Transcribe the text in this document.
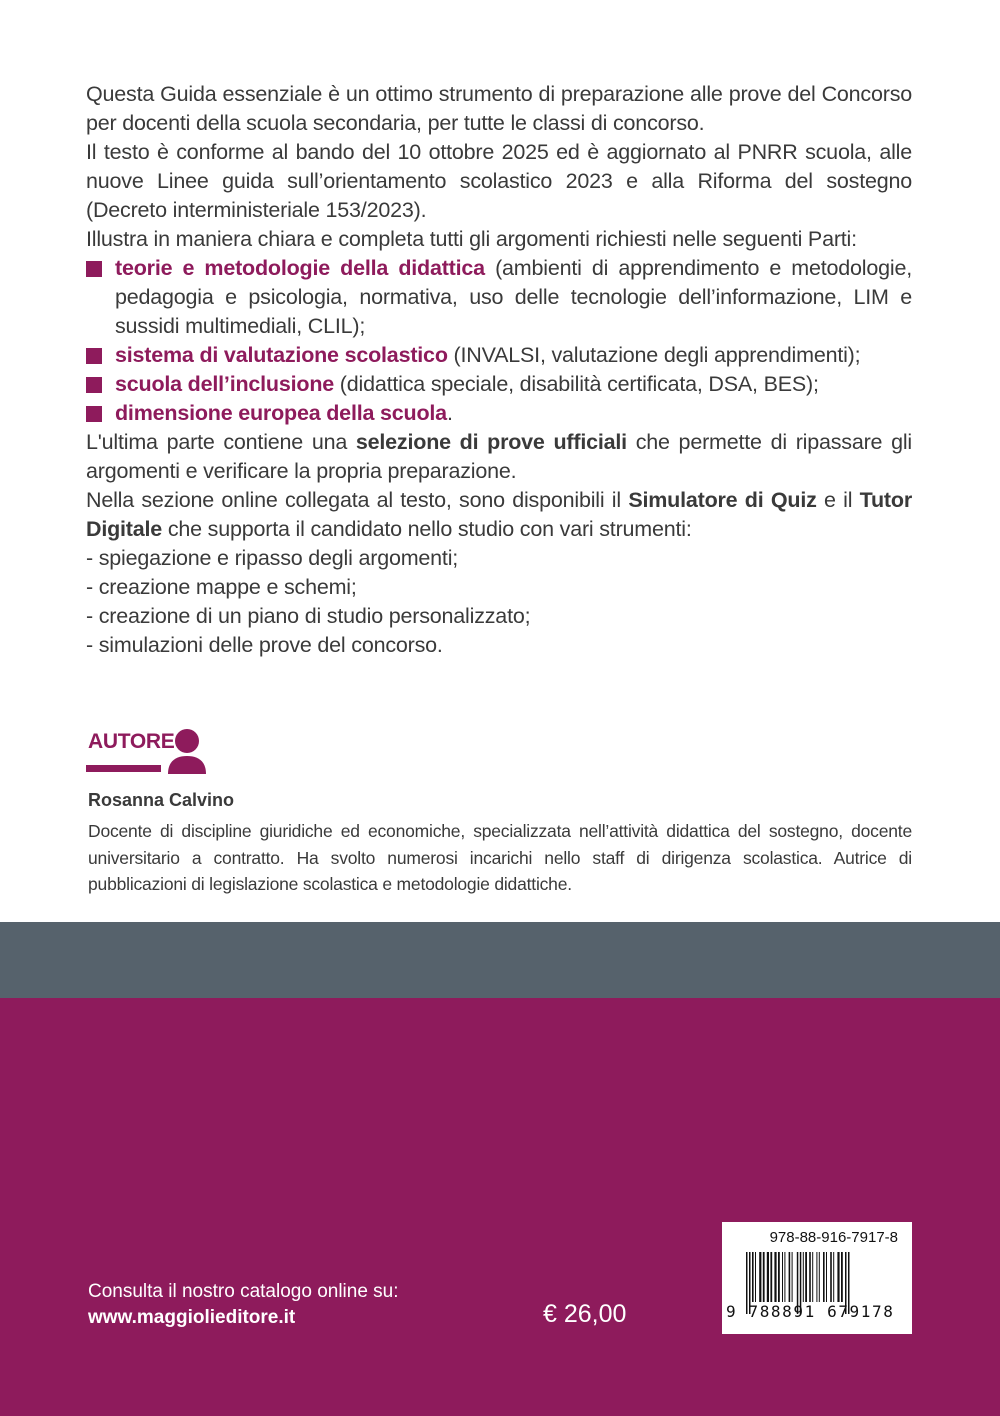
Questa Guida essenziale è un ottimo strumento di preparazione alle prove del Concorso per docenti della scuola secondaria, per tutte le classi di concorso.

Il testo è conforme al bando del 10 ottobre 2025 ed è aggiornato al PNRR scuola, alle nuove Linee guida sull’orientamento scolastico 2023 e alla Riforma del sostegno (Decreto interministeriale 153/2023).

Illustra in maniera chiara e completa tutti gli argomenti richiesti nelle seguenti Parti:

teorie e metodologie della didattica (ambienti di apprendimento e metodologie, pedagogia e psicologia, normativa, uso delle tecnologie dell’informazione, LIM e sussidi multimediali, CLIL);
sistema di valutazione scolastico (INVALSI, valutazione degli apprendimenti);
scuola dell’inclusione (didattica speciale, disabilità certificata, DSA, BES);
dimensione europea della scuola.

L'ultima parte contiene una selezione di prove ufficiali che permette di ripassare gli argomenti e verificare la propria preparazione.

Nella sezione online collegata al testo, sono disponibili il Simulatore di Quiz e il Tutor Digitale che supporta il candidato nello studio con vari strumenti:

- spiegazione e ripasso degli argomenti;
- creazione mappe e schemi;
- creazione di un piano di studio personalizzato;
- simulazioni delle prove del concorso.
AUTORE
Rosanna Calvino
Docente di discipline giuridiche ed economiche, specializzata nell’attività didattica del sostegno, docente universitario a contratto. Ha svolto numerosi incarichi nello staff di dirigenza scolastica. Autrice di pubblicazioni di legislazione scolastica e metodologie didattiche.
Consulta il nostro catalogo online su:
www.maggiolieditore.it	€ 26,00
978-88-916-7917-8
9 788891 679178
